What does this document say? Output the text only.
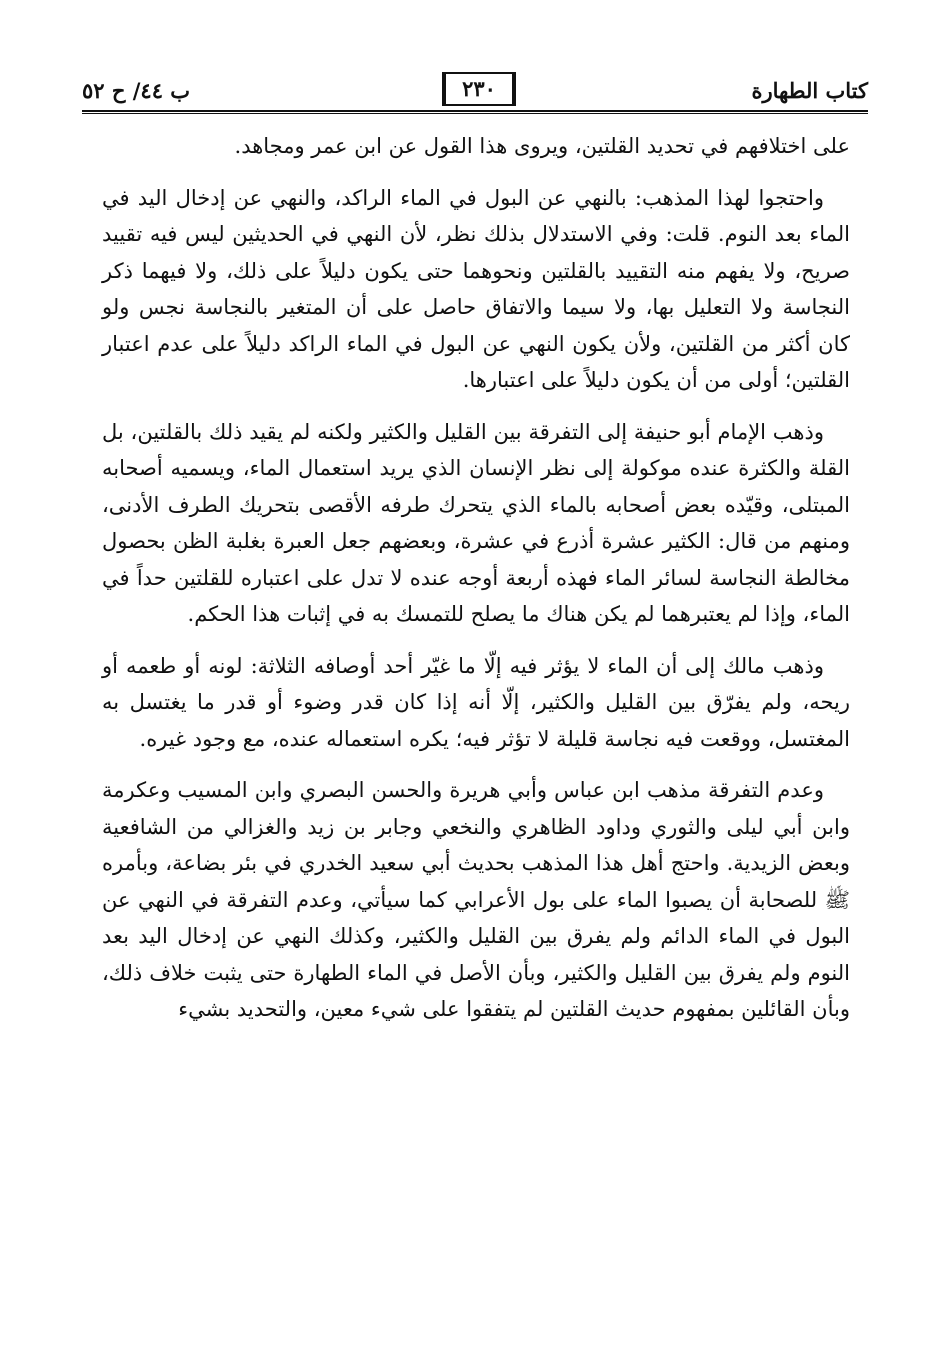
ب ٤٤/ ح ٥٢	٢٣٠	كتاب الطهارة

على اختلافهم في تحديد القلتين، ويروى هذا القول عن ابن عمر ومجاهد.

واحتجوا لهذا المذهب: بالنهي عن البول في الماء الراكد، والنهي عن إدخال اليد في الماء بعد النوم. قلت: وفي الاستدلال بذلك نظر، لأن النهي في الحديثين ليس فيه تقييد صريح، ولا يفهم منه التقييد بالقلتين ونحوهما حتى يكون دليلاً على ذلك، ولا فيهما ذكر النجاسة ولا التعليل بها، ولا سيما والاتفاق حاصل على أن المتغير بالنجاسة نجس ولو كان أكثر من القلتين، ولأن يكون النهي عن البول في الماء الراكد دليلاً على عدم اعتبار القلتين؛ أولى من أن يكون دليلاً على اعتبارها.

وذهب الإمام أبو حنيفة إلى التفرقة بين القليل والكثير ولكنه لم يقيد ذلك بالقلتين، بل القلة والكثرة عنده موكولة إلى نظر الإنسان الذي يريد استعمال الماء، ويسميه أصحابه المبتلى، وقيّده بعض أصحابه بالماء الذي يتحرك طرفه الأقصى بتحريك الطرف الأدنى، ومنهم من قال: الكثير عشرة أذرع في عشرة، وبعضهم جعل العبرة بغلبة الظن بحصول مخالطة النجاسة لسائر الماء فهذه أربعة أوجه عنده لا تدل على اعتباره للقلتين حداً في الماء، وإذا لم يعتبرهما لم يكن هناك ما يصلح للتمسك به في إثبات هذا الحكم.

وذهب مالك إلى أن الماء لا يؤثر فيه إلّا ما غيّر أحد أوصافه الثلاثة: لونه أو طعمه أو ريحه، ولم يفرّق بين القليل والكثير، إلّا أنه إذا كان قدر وضوء أو قدر ما يغتسل به المغتسل، ووقعت فيه نجاسة قليلة لا تؤثر فيه؛ يكره استعماله عنده، مع وجود غيره.

وعدم التفرقة مذهب ابن عباس وأبي هريرة والحسن البصري وابن المسيب وعكرمة وابن أبي ليلى والثوري وداود الظاهري والنخعي وجابر بن زيد والغزالي من الشافعية وبعض الزيدية. واحتج أهل هذا المذهب بحديث أبي سعيد الخدري في بئر بضاعة، وبأمره ﷺ للصحابة أن يصبوا الماء على بول الأعرابي كما سيأتي، وعدم التفرقة في النهي عن البول في الماء الدائم ولم يفرق بين القليل والكثير، وكذلك النهي عن إدخال اليد بعد النوم ولم يفرق بين القليل والكثير، وبأن الأصل في الماء الطهارة حتى يثبت خلاف ذلك، وبأن القائلين بمفهوم حديث القلتين لم يتفقوا على شيء معين، والتحديد بشيء
